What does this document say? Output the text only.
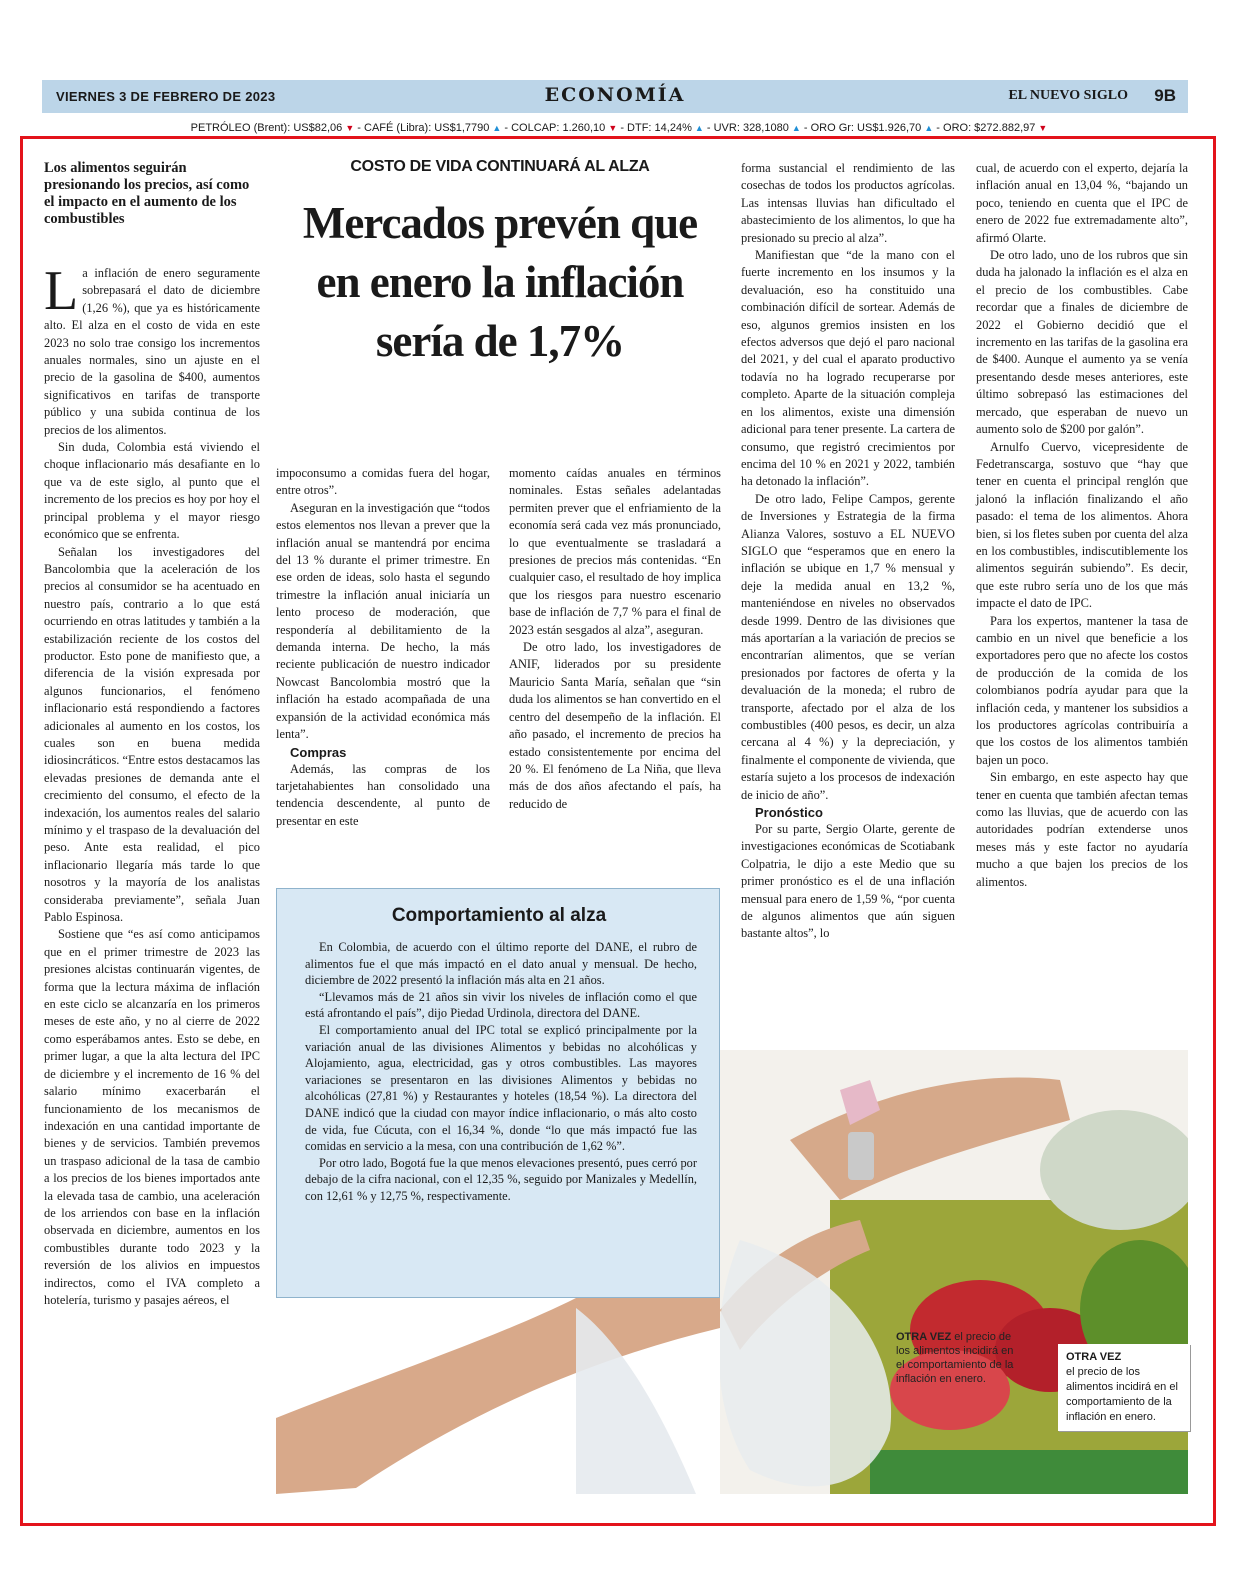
VIERNES 3 DE FEBRERO DE 2023	ECONOMÍA	EL NUEVO SIGLO 9B
PETRÓLEO (Brent): US$82,06 ▼ - CAFÉ (Libra): US$1,7790 ▲ - COLCAP: 1.260,10 ▼ - DTF: 14,24% ▲ - UVR: 328,1080 ▲ - ORO Gr: US$1.926,70 ▲ - ORO: $272.882,97 ▼
Los alimentos seguirán presionando los precios, así como el impacto en el aumento de los combustibles

La inflación de enero seguramente sobrepasará el dato de diciembre (1,26 %), que ya es históricamente alto. El alza en el costo de vida en este 2023 no solo trae consigo los incrementos anuales normales, sino un ajuste en el precio de la gasolina de $400, aumentos significativos en tarifas de transporte público y una subida continua de los precios de los alimentos.

Sin duda, Colombia está viviendo el choque inflacionario más desafiante en lo que va de este siglo, al punto que el incremento de los precios es hoy por hoy el principal problema y el mayor riesgo económico que se enfrenta.

Señalan los investigadores del Bancolombia que la aceleración de los precios al consumidor se ha acentuado en nuestro país, contrario a lo que está ocurriendo en otras latitudes y también a la estabilización reciente de los costos del productor. Esto pone de manifiesto que, a diferencia de la visión expresada por algunos funcionarios, el fenómeno inflacionario está respondiendo a factores adicionales al aumento en los costos, los cuales son en buena medida idiosincráticos. “Entre estos destacamos las elevadas presiones de demanda ante el crecimiento del consumo, el efecto de la indexación, los aumentos reales del salario mínimo y el traspaso de la devaluación del peso. Ante esta realidad, el pico inflacionario llegaría más tarde lo que nosotros y la mayoría de los analistas consideraba previamente”, señala Juan Pablo Espinosa.

Sostiene que “es así como anticipamos que en el primer trimestre de 2023 las presiones alcistas continuarán vigentes, de forma que la lectura máxima de inflación en este ciclo se alcanzaría en los primeros meses de este año, y no al cierre de 2022 como esperábamos antes. Esto se debe, en primer lugar, a que la alta lectura del IPC de diciembre y el incremento de 16 % del salario mínimo exacerbarán el funcionamiento de los mecanismos de indexación en una cantidad importante de bienes y de servicios. También prevemos un traspaso adicional de la tasa de cambio a los precios de los bienes importados ante la elevada tasa de cambio, una aceleración de los arriendos con base en la inflación observada en diciembre, aumentos en los combustibles durante todo 2023 y la reversión de los alivios en impuestos indirectos, como el IVA completo a hotelería, turismo y pasajes aéreos, el

COSTO DE VIDA CONTINUARÁ AL ALZA
Mercados prevén que en enero la inflación sería de 1,7%

impoconsumo a comidas fuera del hogar, entre otros”.

Aseguran en la investigación que “todos estos elementos nos llevan a prever que la inflación anual se mantendrá por encima del 13 % durante el primer trimestre. En ese orden de ideas, solo hasta el segundo trimestre la inflación anual iniciaría un lento proceso de moderación, que respondería al debilitamiento de la demanda interna. De hecho, la más reciente publicación de nuestro indicador Nowcast Bancolombia mostró que la inflación ha estado acompañada de una expansión de la actividad económica más lenta”.

Compras

Además, las compras de los tarjetahabientes han consolidado una tendencia descendente, al punto de presentar en este

momento caídas anuales en términos nominales. Estas señales adelantadas permiten prever que el enfriamiento de la economía será cada vez más pronunciado, lo que eventualmente se trasladará a presiones de precios más contenidas. “En cualquier caso, el resultado de hoy implica que los riesgos para nuestro escenario base de inflación de 7,7 % para el final de 2023 están sesgados al alza”, aseguran.

De otro lado, los investigadores de ANIF, liderados por su presidente Mauricio Santa María, señalan que “sin duda los alimentos se han convertido en el centro del desempeño de la inflación. El año pasado, el incremento de precios ha estado consistentemente por encima del 20 %. El fenómeno de La Niña, que lleva más de dos años afectando el país, ha reducido de

forma sustancial el rendimiento de las cosechas de todos los productos agrícolas. Las intensas lluvias han dificultado el abastecimiento de los alimentos, lo que ha presionado su precio al alza”.

Manifiestan que “de la mano con el fuerte incremento en los insumos y la devaluación, eso ha constituido una combinación difícil de sortear. Además de eso, algunos gremios insisten en los efectos adversos que dejó el paro nacional del 2021, y del cual el aparato productivo todavía no ha logrado recuperarse por completo. Aparte de la situación compleja en los alimentos, existe una dimensión adicional para tener presente. La cartera de consumo, que registró crecimientos por encima del 10 % en 2021 y 2022, también ha detonado la inflación”.

De otro lado, Felipe Campos, gerente de Inversiones y Estrategia de la firma Alianza Valores, sostuvo a EL NUEVO SIGLO que “esperamos que en enero la inflación se ubique en 1,7 % mensual y deje la medida anual en 13,2 %, manteniéndose en niveles no observados desde 1999. Dentro de las divisiones que más aportarían a la variación de precios se encontrarían alimentos, que se verían presionados por factores de oferta y la devaluación de la moneda; el rubro de transporte, afectado por el alza de los combustibles (400 pesos, es decir, un alza cercana al 4 %) y la depreciación, y finalmente el componente de vivienda, que estaría sujeto a los procesos de indexación de inicio de año”.

Pronóstico

Por su parte, Sergio Olarte, gerente de investigaciones económicas de Scotiabank Colpatria, le dijo a este Medio que su primer pronóstico es el de una inflación mensual para enero de 1,59 %, “por cuenta de algunos alimentos que aún siguen bastante altos”, lo

cual, de acuerdo con el experto, dejaría la inflación anual en 13,04 %, “bajando un poco, teniendo en cuenta que el IPC de enero de 2022 fue extremadamente alto”, afirmó Olarte.

De otro lado, uno de los rubros que sin duda ha jalonado la inflación es el alza en el precio de los combustibles. Cabe recordar que a finales de diciembre de 2022 el Gobierno decidió que el incremento en las tarifas de la gasolina era de $400. Aunque el aumento ya se venía presentando desde meses anteriores, este último sobrepasó las estimaciones del mercado, que esperaban de nuevo un aumento solo de $200 por galón”.

Arnulfo Cuervo, vicepresidente de Fedetranscarga, sostuvo que “hay que tener en cuenta el principal renglón que jalonó la inflación finalizando el año pasado: el tema de los alimentos. Ahora bien, si los fletes suben por cuenta del alza en los combustibles, indiscutiblemente los alimentos seguirán subiendo”. Es decir, que este rubro sería uno de los que más impacte el dato de IPC.

Para los expertos, mantener la tasa de cambio en un nivel que beneficie a los exportadores pero que no afecte los costos de producción de la comida de los colombianos podría ayudar para que la inflación ceda, y mantener los subsidios a los productores agrícolas contribuiría a que los costos de los alimentos también bajen un poco.

Sin embargo, en este aspecto hay que tener en cuenta que también afectan temas como las lluvias, que de acuerdo con las autoridades podrían extenderse unos meses más y este factor no ayudaría mucho a que bajen los precios de los alimentos.

Comportamiento al alza

En Colombia, de acuerdo con el último reporte del DANE, el rubro de alimentos fue el que más impactó en el dato anual y mensual. De hecho, diciembre de 2022 presentó la inflación más alta en 21 años.

“Llevamos más de 21 años sin vivir los niveles de inflación como el que está afrontando el país”, dijo Piedad Urdinola, directora del DANE.

El comportamiento anual del IPC total se explicó principalmente por la variación anual de las divisiones Alimentos y bebidas no alcohólicas y Alojamiento, agua, electricidad, gas y otros combustibles. Las mayores variaciones se presentaron en las divisiones Alimentos y bebidas no alcohólicas (27,81 %) y Restaurantes y hoteles (18,54 %). La directora del DANE indicó que la ciudad con mayor índice inflacionario, o más alto costo de vida, fue Cúcuta, con el 16,34 %, donde “lo que más impactó fue las comidas en servicio a la mesa, con una contribución de 1,62 %”.

Por otro lado, Bogotá fue la que menos elevaciones presentó, pues cerró por debajo de la cifra nacional, con el 12,35 %, seguido por Manizales y Medellín, con 12,61 % y 12,75 %, respectivamente.

OTRA VEZ el precio de los alimentos incidirá en el comportamiento de la inflación en enero.
OTRA VEZ
el precio de los alimentos incidirá en el comportamiento de la inflación en enero.
